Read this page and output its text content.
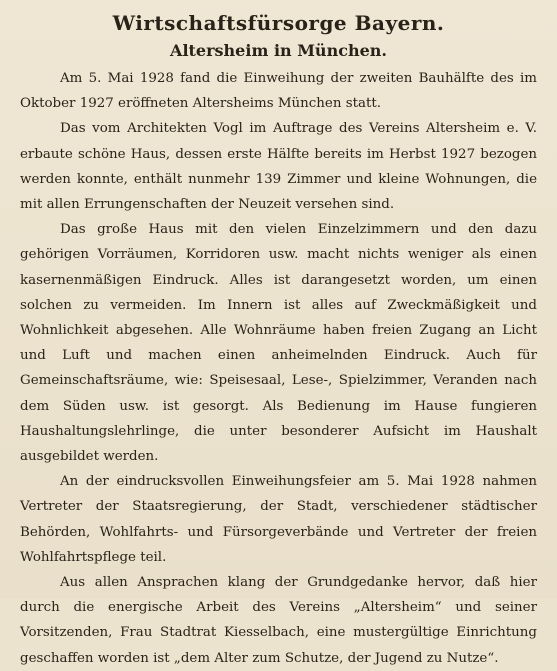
Wirtschaftsfürsorge Bayern.
Altersheim in München.

Am 5. Mai 1928 fand die Einweihung der zweiten Bauhälfte des im Oktober 1927 eröffneten Altersheims München statt.

Das vom Architekten Vogl im Auftrage des Vereins Altersheim e. V. erbaute schöne Haus, dessen erste Hälfte bereits im Herbst 1927 bezogen werden konnte, enthält nunmehr 139 Zimmer und kleine Wohnungen, die mit allen Errungenschaften der Neuzeit versehen sind.

Das große Haus mit den vielen Einzelzimmern und den dazu gehörigen Vorräumen, Korridoren usw. macht nichts weniger als einen kasernenmäßigen Eindruck. Alles ist darangesetzt worden, um einen solchen zu vermeiden. Im Innern ist alles auf Zweckmäßigkeit und Wohnlichkeit abgesehen. Alle Wohnräume haben freien Zugang an Licht und Luft und machen einen anheimelnden Eindruck. Auch für Gemeinschaftsräume, wie: Speisesaal, Lese-, Spielzimmer, Veranden nach dem Süden usw. ist gesorgt. Als Bedienung im Hause fungieren Haushaltungslehrlinge, die unter besonderer Aufsicht im Haushalt ausgebildet werden.

An der eindrucksvollen Einweihungsfeier am 5. Mai 1928 nahmen Vertreter der Staatsregierung, der Stadt, verschiedener städtischer Behörden, Wohlfahrts- und Fürsorgeverbände und Vertreter der freien Wohlfahrtspflege teil.

Aus allen Ansprachen klang der Grundgedanke hervor, daß hier durch die energische Arbeit des Vereins „Altersheim“ und seiner Vorsitzenden, Frau Stadtrat Kiesselbach, eine mustergültige Einrichtung geschaffen worden ist „dem Alter zum Schutze, der Jugend zu Nutze“.
